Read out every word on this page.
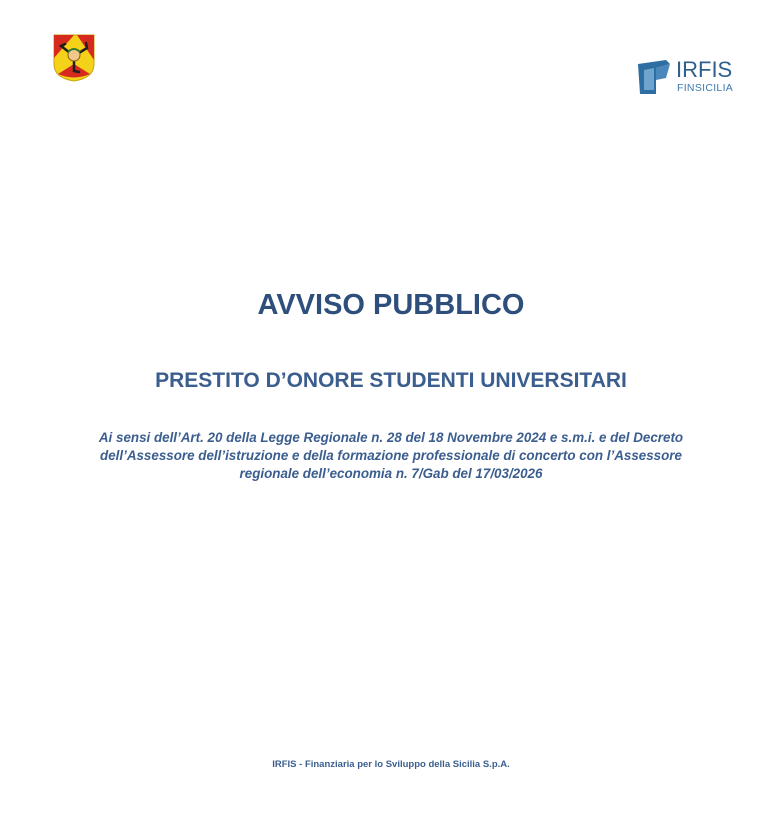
IRFIS
FINSICILIA
AVVISO PUBBLICO
PRESTITO D’ONORE STUDENTI UNIVERSITARI
Ai sensi dell’Art. 20 della Legge Regionale n. 28 del 18 Novembre 2024 e s.m.i. e del Decreto
dell’Assessore dell’istruzione e della formazione professionale di concerto con l’Assessore
regionale dell’economia n. 7/Gab del 17/03/2026
IRFIS - Finanziaria per lo Sviluppo della Sicilia S.p.A.
